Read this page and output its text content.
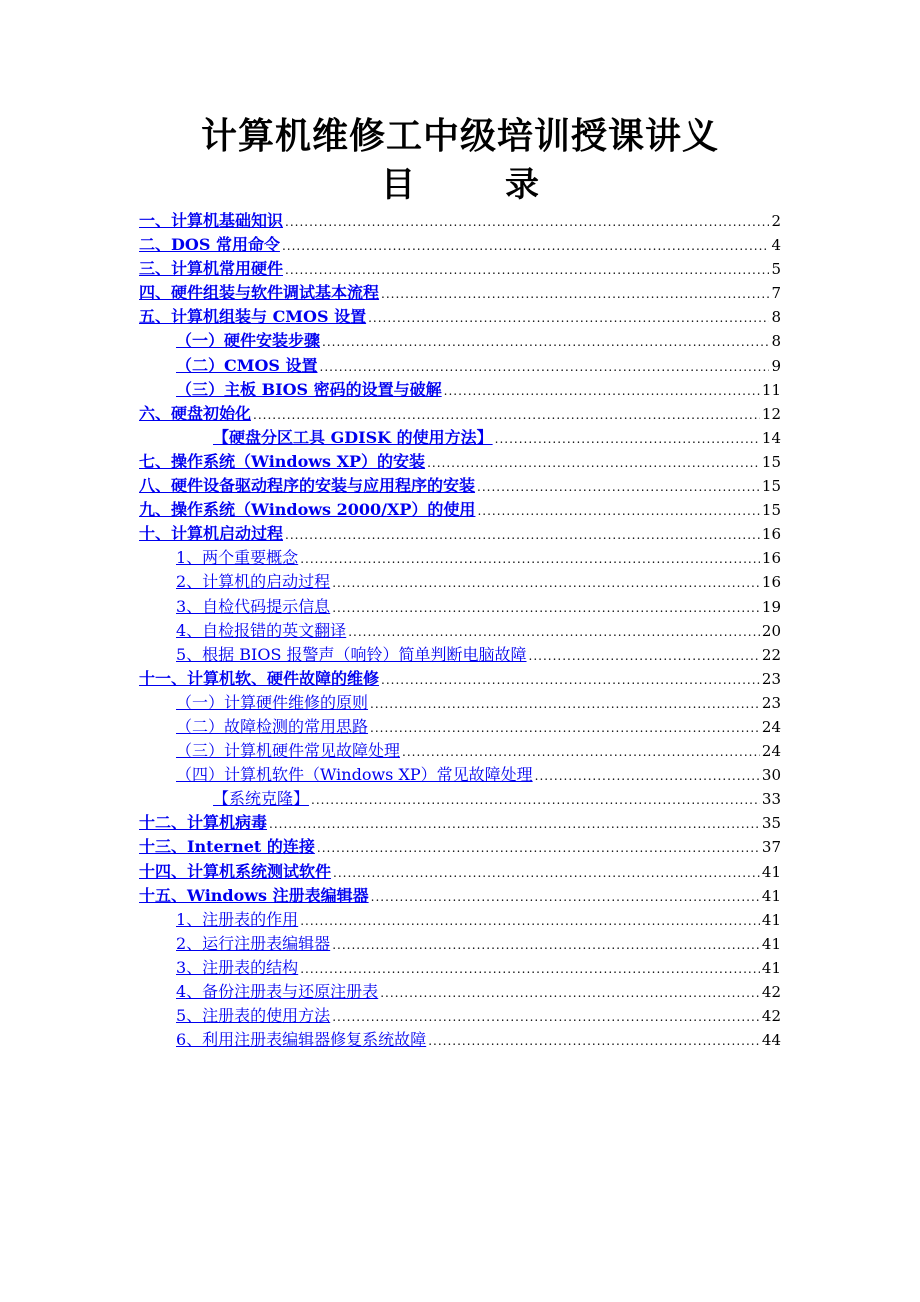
计算机维修工中级培训授课讲义
目	录
一、计算机基础知识 .....	2
二、DOS 常用命令 .....	4
三、计算机常用硬件 .....	5
四、硬件组装与软件调试基本流程 .....	7
五、计算机组装与 CMOS 设置 .....	8
（一）硬件安装步骤 .....	8
（二）CMOS 设置 .....	9
（三）主板 BIOS 密码的设置与破解 .....	11
六、硬盘初始化 .....	12
【硬盘分区工具 GDISK 的使用方法】 .....	14
七、操作系统（Windows XP）的安装 .....	15
八、硬件设备驱动程序的安装与应用程序的安装 .....	15
九、操作系统（Windows 2000/XP）的使用 .....	15
十、计算机启动过程 .....	16
1、两个重要概念 .....	16
2、计算机的启动过程 .....	16
3、自检代码提示信息 .....	19
4、自检报错的英文翻译 .....	20
5、根据 BIOS 报警声（响铃）简单判断电脑故障 .....	22
十一、计算机软、硬件故障的维修 .....	23
（一）计算硬件维修的原则 .....	23
（二）故障检测的常用思路 .....	24
（三）计算机硬件常见故障处理 .....	24
（四）计算机软件（Windows XP）常见故障处理 .....	30
【系统克隆】 .....	33
十二、计算机病毒 .....	35
十三、Internet 的连接 .....	37
十四、计算机系统测试软件 .....	41
十五、Windows 注册表编辑器 .....	41
1、注册表的作用 .....	41
2、运行注册表编辑器 .....	41
3、注册表的结构 .....	41
4、备份注册表与还原注册表 .....	42
5、注册表的使用方法 .....	42
6、利用注册表编辑器修复系统故障 .....	44
